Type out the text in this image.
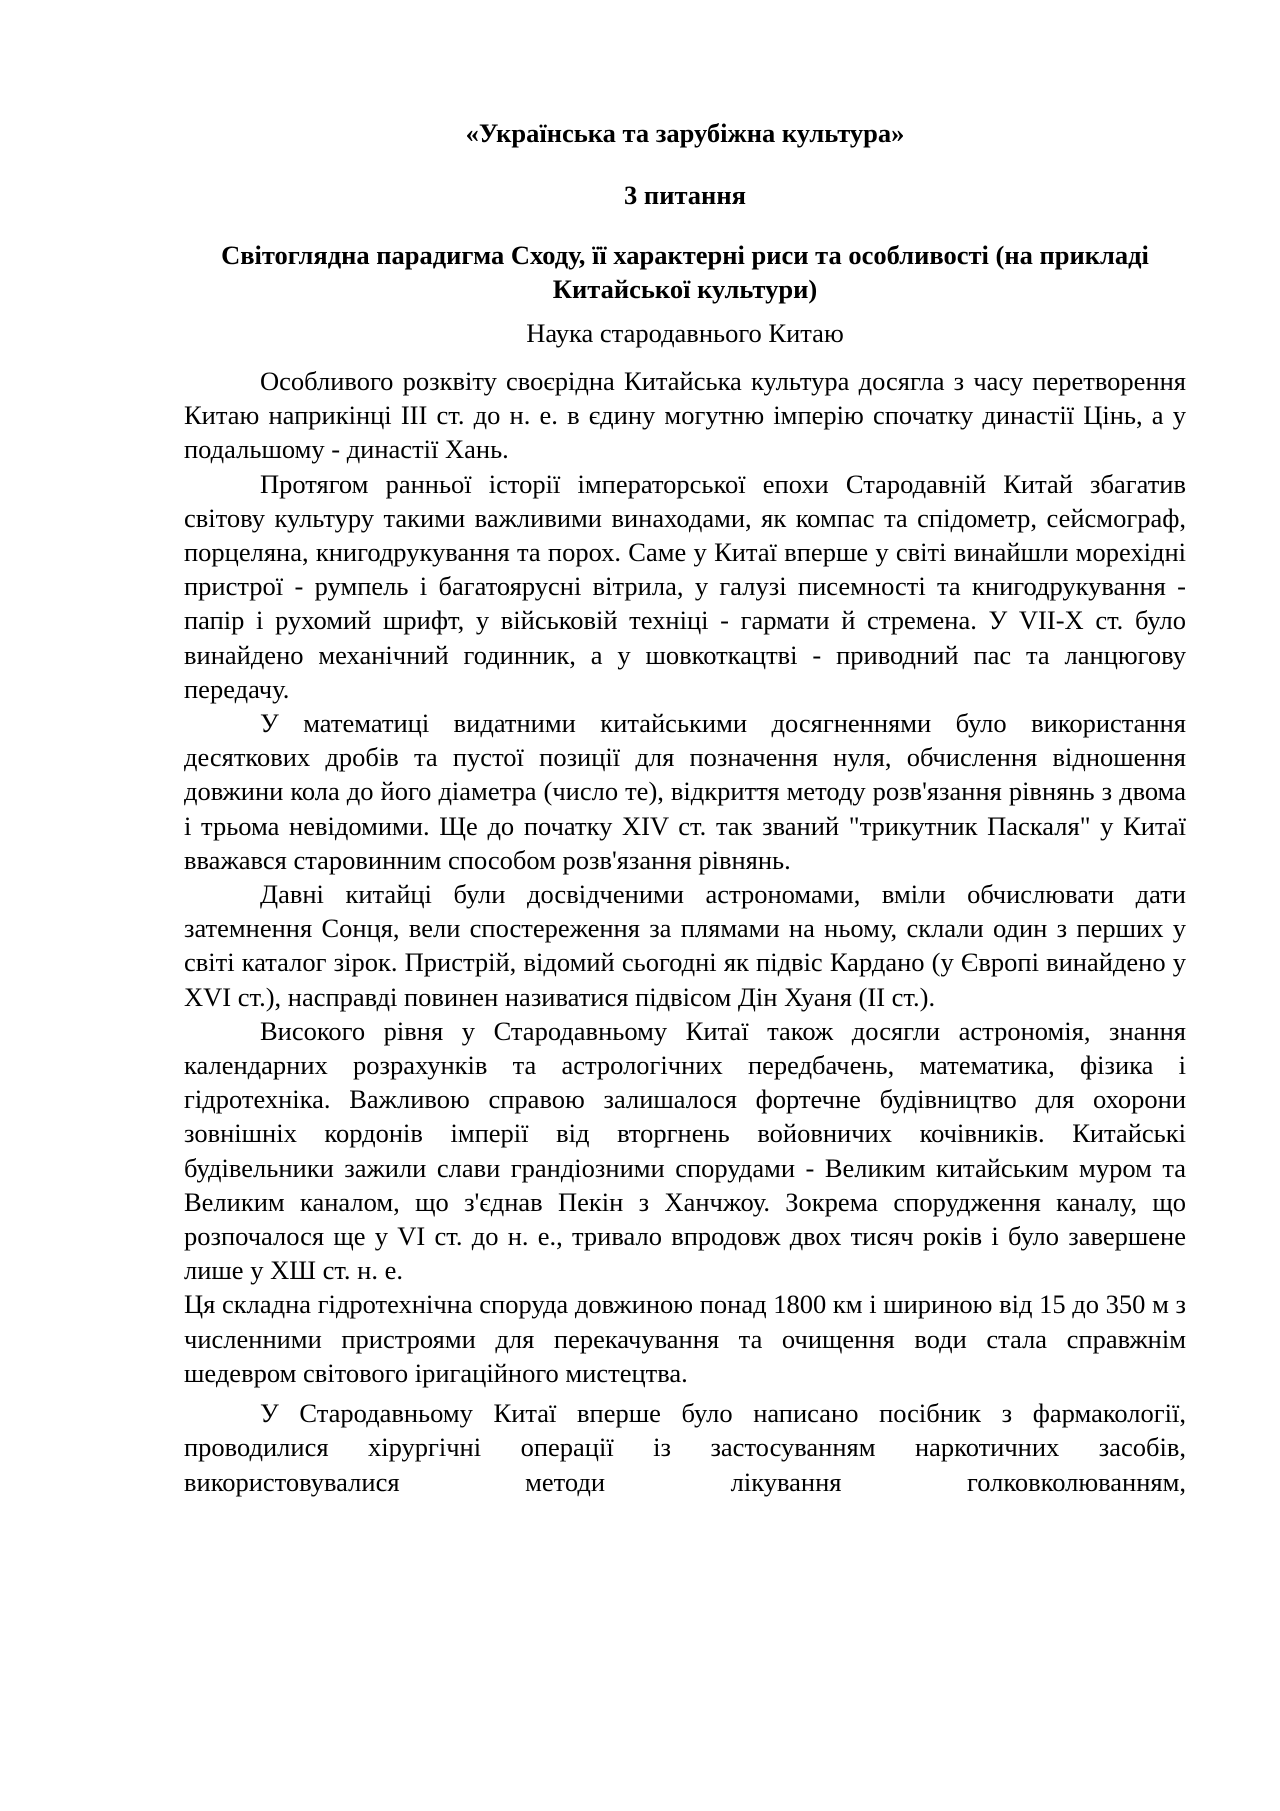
«Українська та зарубіжна культура»

3 питання

Світоглядна парадигма Сходу, її характерні риси та особливості (на прикладі Китайської культури)

Наука стародавнього Китаю

Особливого розквіту своєрідна Китайська культура досягла з часу перетворення Китаю наприкінці III ст. до н. е. в єдину могутню імперію спочатку династії Цінь, а у подальшому - династії Хань.

Протягом ранньої історії імператорської епохи Стародавній Китай збагатив світову культуру такими важливими винаходами, як компас та спідометр, сейсмограф, порцеляна, книгодрукування та порох. Саме у Китаї вперше у світі винайшли морехідні пристрої - румпель і багатоярусні вітрила, у галузі писемності та книгодрукування - папір і рухомий шрифт, у військовій техніці - гармати й стремена. У VII-X ст. було винайдено механічний годинник, а у шовкоткацтві - приводний пас та ланцюгову передачу.

У математиці видатними китайськими досягненнями було використання десяткових дробів та пустої позиції для позначення нуля, обчислення відношення довжини кола до його діаметра (число те), відкриття методу розв'язання рівнянь з двома і трьома невідомими. Ще до початку XIV ст. так званий "трикутник Паскаля" у Китаї вважався старовинним способом розв'язання рівнянь.

Давні китайці були досвідченими астрономами, вміли обчислювати дати затемнення Сонця, вели спостереження за плямами на ньому, склали один з перших у світі каталог зірок. Пристрій, відомий сьогодні як підвіс Кардано (у Європі винайдено у XVI ст.), насправді повинен називатися підвісом Дін Хуаня (II ст.).

Високого рівня у Стародавньому Китаї також досягли астрономія, знання календарних розрахунків та астрологічних передбачень, математика, фізика і гідротехніка. Важливою справою залишалося фортечне будівництво для охорони зовнішніх кордонів імперії від вторгнень войовничих кочівників. Китайські будівельники зажили слави грандіозними спорудами - Великим китайським муром та Великим каналом, що з'єднав Пекін з Ханчжоу. Зокрема спорудження каналу, що розпочалося ще у VI ст. до н. е., тривало впродовж двох тисяч років і було завершене лише у ХШ ст. н. е.

Ця складна гідротехнічна споруда довжиною понад 1800 км і шириною від 15 до 350 м з численними пристроями для перекачування та очищення води стала справжнім шедевром світового іригаційного мистецтва.

У Стародавньому Китаї вперше було написано посібник з фармакології, проводилися хірургічні операції із застосуванням наркотичних засобів, використовувалися методи лікування голковколюванням,
